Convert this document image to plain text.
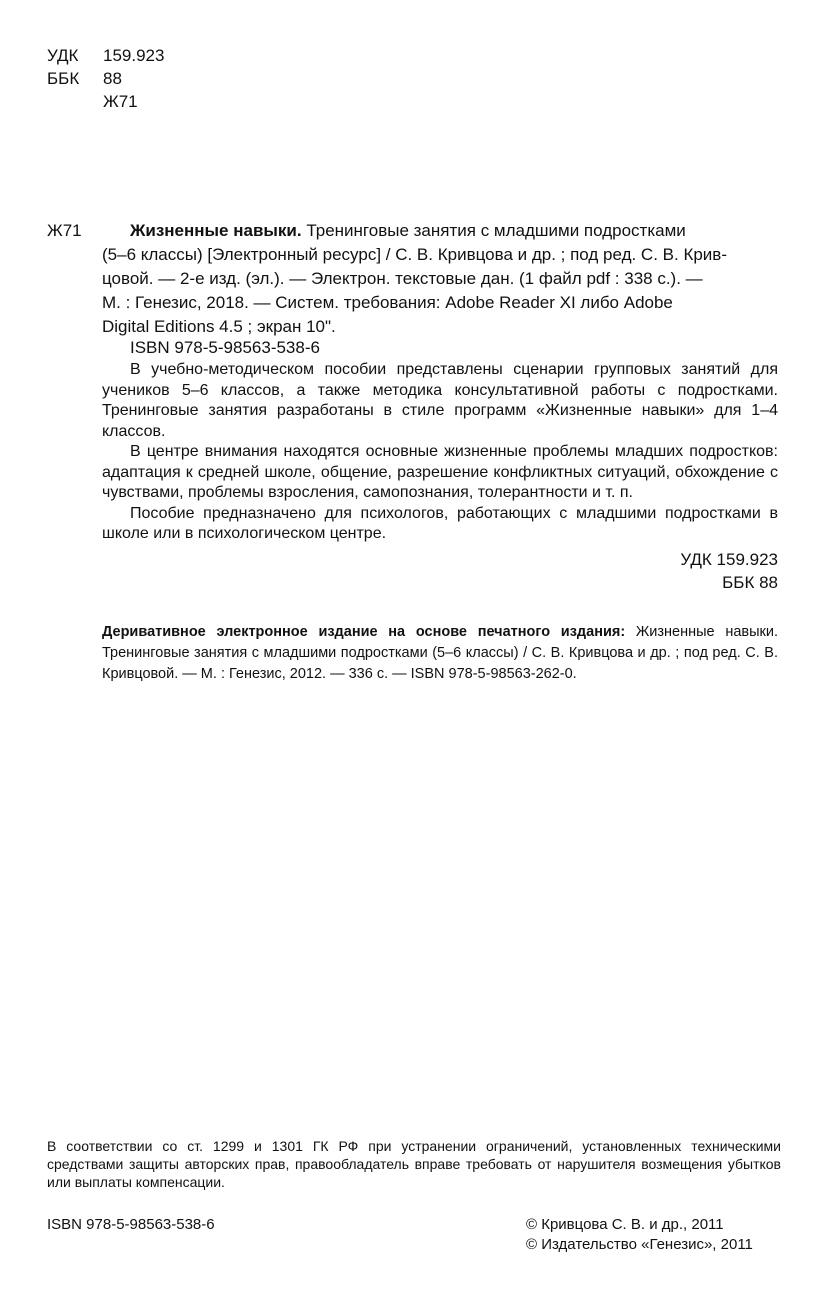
УДК	159.923
ББК	88
Ж71
Ж71	Жизненные навыки. Тренинговые занятия с младшими подростками
(5–6 классы) [Электронный ресурс] / С. В. Кривцова и др. ; под ред. С. В. Крив-
цовой. — 2-е изд. (эл.). — Электрон. текстовые дан. (1 файл pdf : 338 с.). —
М. : Генезис, 2018. — Систем. требования: Adobe Reader XI либо Adobe
Digital Editions 4.5 ; экран 10".
ISBN 978-5-98563-538-6

В учебно-методическом пособии представлены сценарии групповых занятий для учеников 5–6 классов, а также методика консультативной работы с подростками. Тренинговые занятия разработаны в стиле программ «Жизненные навыки» для 1–4 классов.

В центре внимания находятся основные жизненные проблемы младших подростков: адаптация к средней школе, общение, разрешение конфликтных ситуаций, обхождение с чувствами, проблемы взросления, самопознания, толерантности и т. п.

Пособие предназначено для психологов, работающих с младшими подростками в школе или в психологическом центре.

УДК 159.923
ББК 88
Деривативное электронное издание на основе печатного издания: Жизненные навыки. Тренинговые занятия с младшими подростками (5–6 классы) / С. В. Кривцова и др. ; под ред. С. В. Кривцовой. — М. : Генезис, 2012. — 336 с. — ISBN 978-5-98563-262-0.
В соответствии со ст. 1299 и 1301 ГК РФ при устранении ограничений, установленных техническими средствами защиты авторских прав, правообладатель вправе требовать от нарушителя возмещения убытков или выплаты компенсации.
ISBN 978-5-98563-538-6	© Кривцова С. В. и др., 2011
© Издательство «Генезис», 2011
